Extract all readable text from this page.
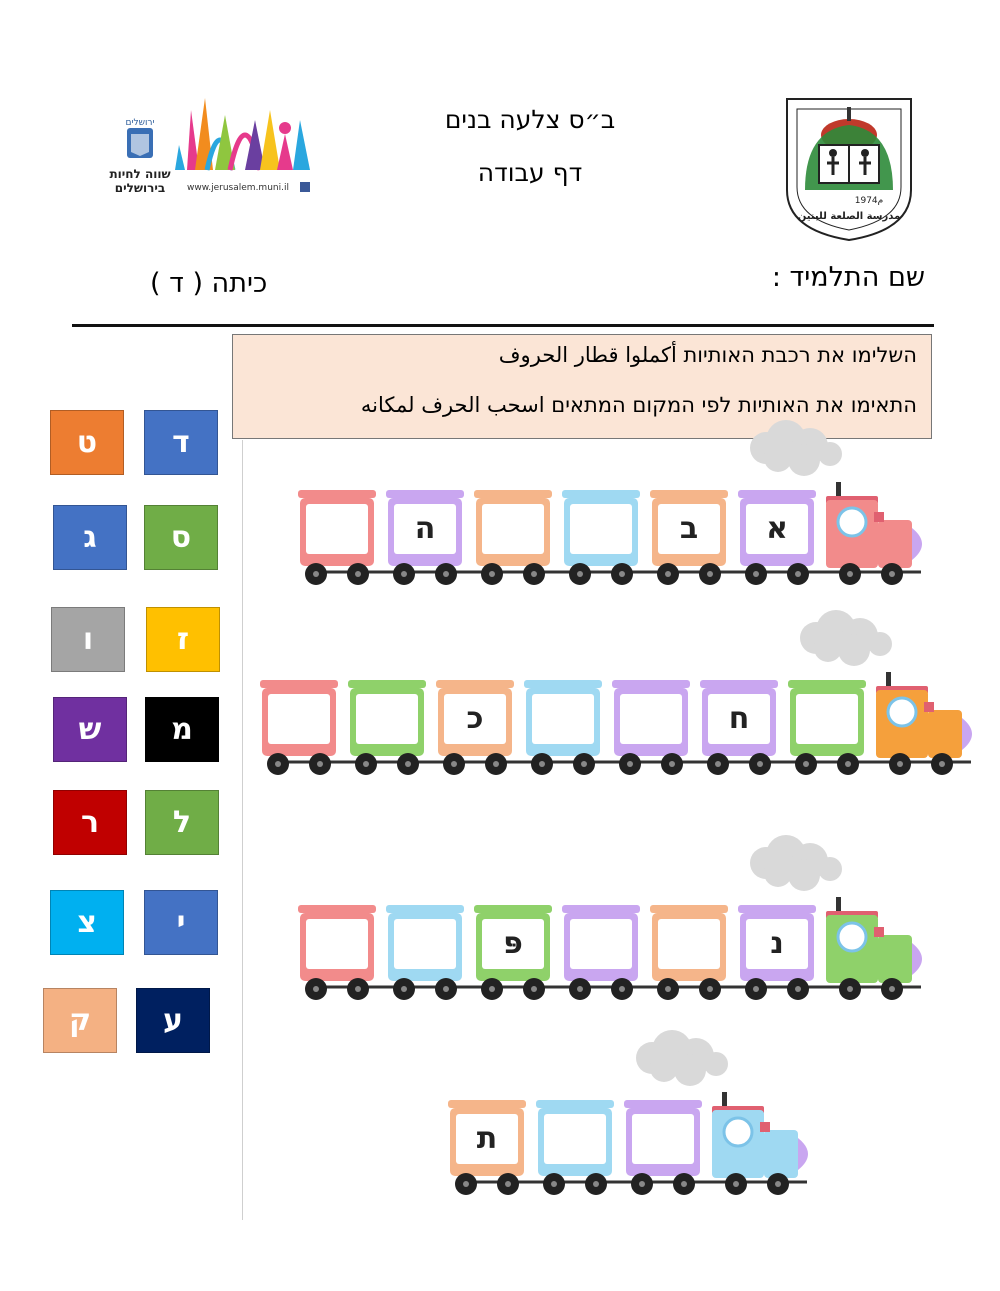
ירושלים
שווה לחיות
בירושלים www.jerusalem.muni.il
ב״ס צלעה בנים
דף עבודה
1974م
مدرسة الصلعة للبنين
שם התלמיד :
כיתה ( ד )

השלימו את רכבת האותיות أكملوا قطار الحروف

התאימו את האותיות לפי המקום המתאים اسحب الحرف لمكانه

ד
ט
ס
ג
ז
ו
מ
ש
ל
ר
י
צ
ע
ק
א
ב
ה
ח
כ
נ
פּ
ת
